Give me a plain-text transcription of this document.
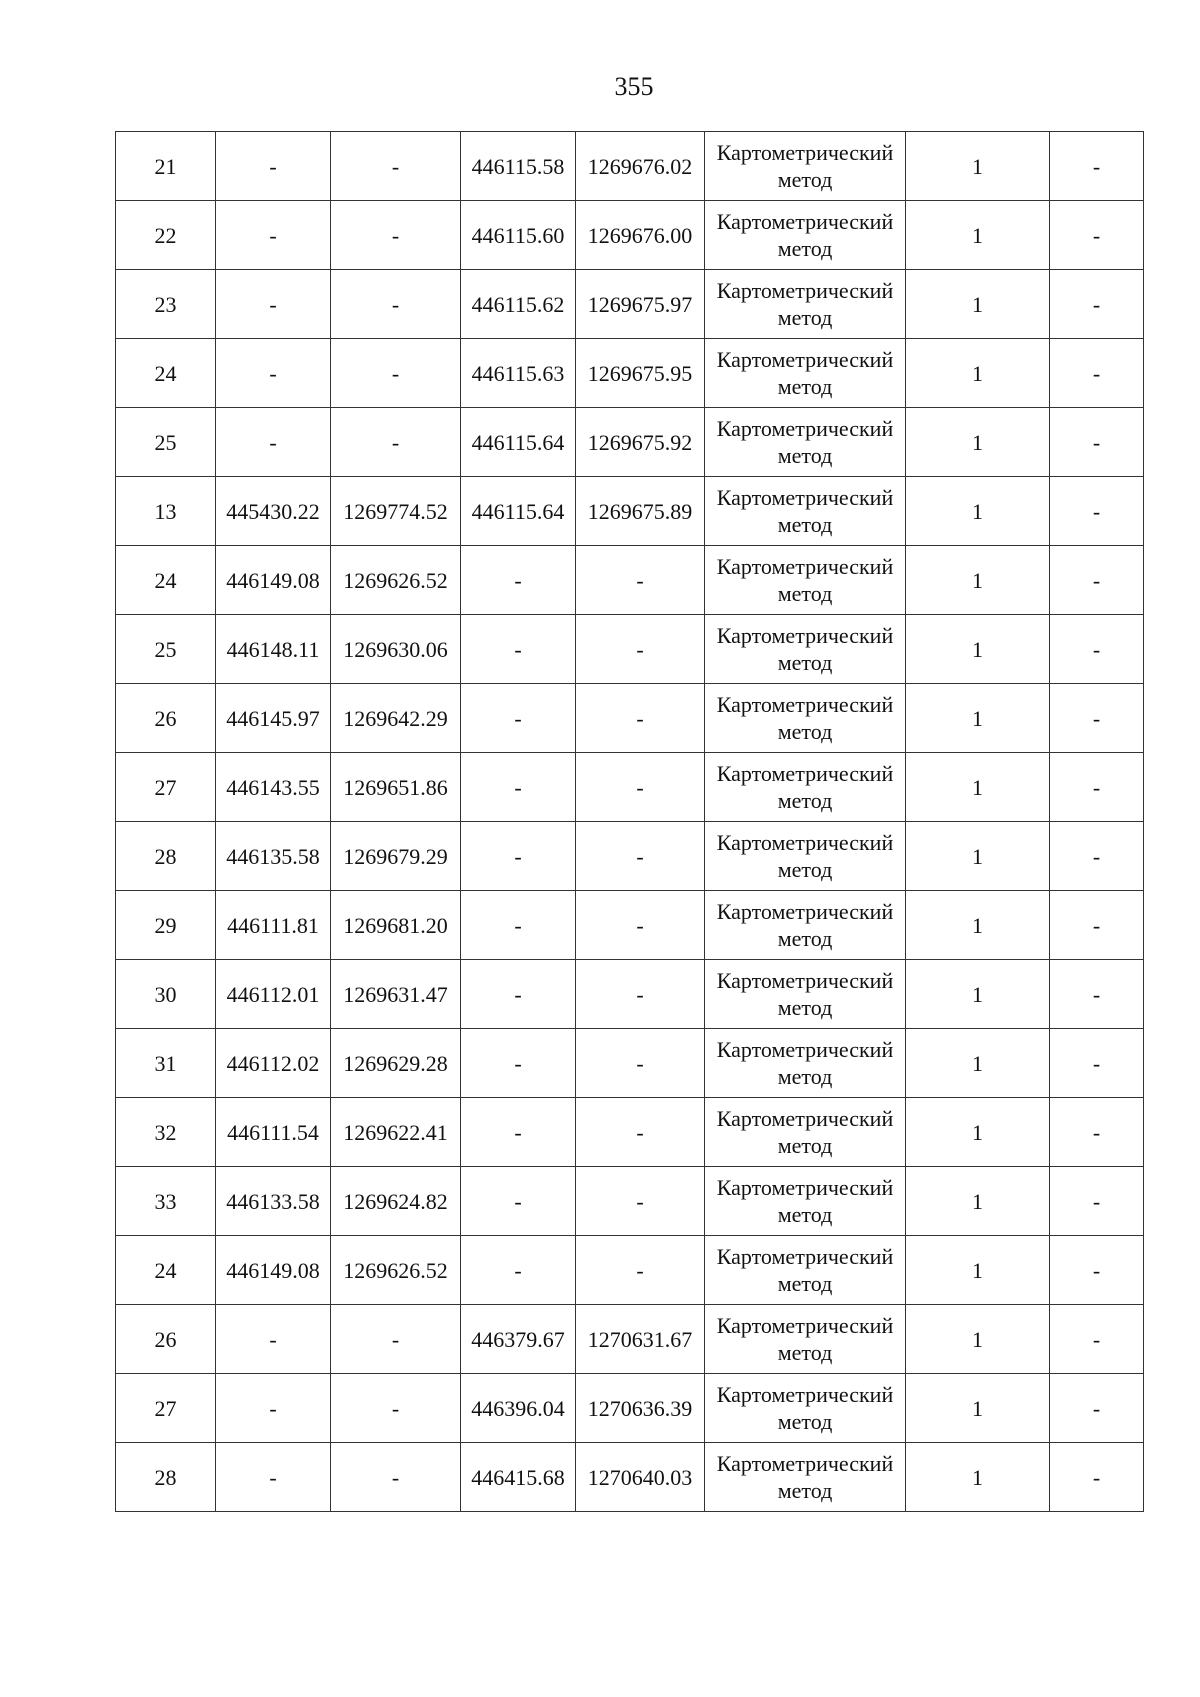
355
21	-	-	446115.58	1269676.02	Картометрический
метод	1	-
22	-	-	446115.60	1269676.00	Картометрический
метод	1	-
23	-	-	446115.62	1269675.97	Картометрический
метод	1	-
24	-	-	446115.63	1269675.95	Картометрический
метод	1	-
25	-	-	446115.64	1269675.92	Картометрический
метод	1	-
13	445430.22	1269774.52	446115.64	1269675.89	Картометрический
метод	1	-
24	446149.08	1269626.52	-	-	Картометрический
метод	1	-
25	446148.11	1269630.06	-	-	Картометрический
метод	1	-
26	446145.97	1269642.29	-	-	Картометрический
метод	1	-
27	446143.55	1269651.86	-	-	Картометрический
метод	1	-
28	446135.58	1269679.29	-	-	Картометрический
метод	1	-
29	446111.81	1269681.20	-	-	Картометрический
метод	1	-
30	446112.01	1269631.47	-	-	Картометрический
метод	1	-
31	446112.02	1269629.28	-	-	Картометрический
метод	1	-
32	446111.54	1269622.41	-	-	Картометрический
метод	1	-
33	446133.58	1269624.82	-	-	Картометрический
метод	1	-
24	446149.08	1269626.52	-	-	Картометрический
метод	1	-
26	-	-	446379.67	1270631.67	Картометрический
метод	1	-
27	-	-	446396.04	1270636.39	Картометрический
метод	1	-
28	-	-	446415.68	1270640.03	Картометрический
метод	1	-
